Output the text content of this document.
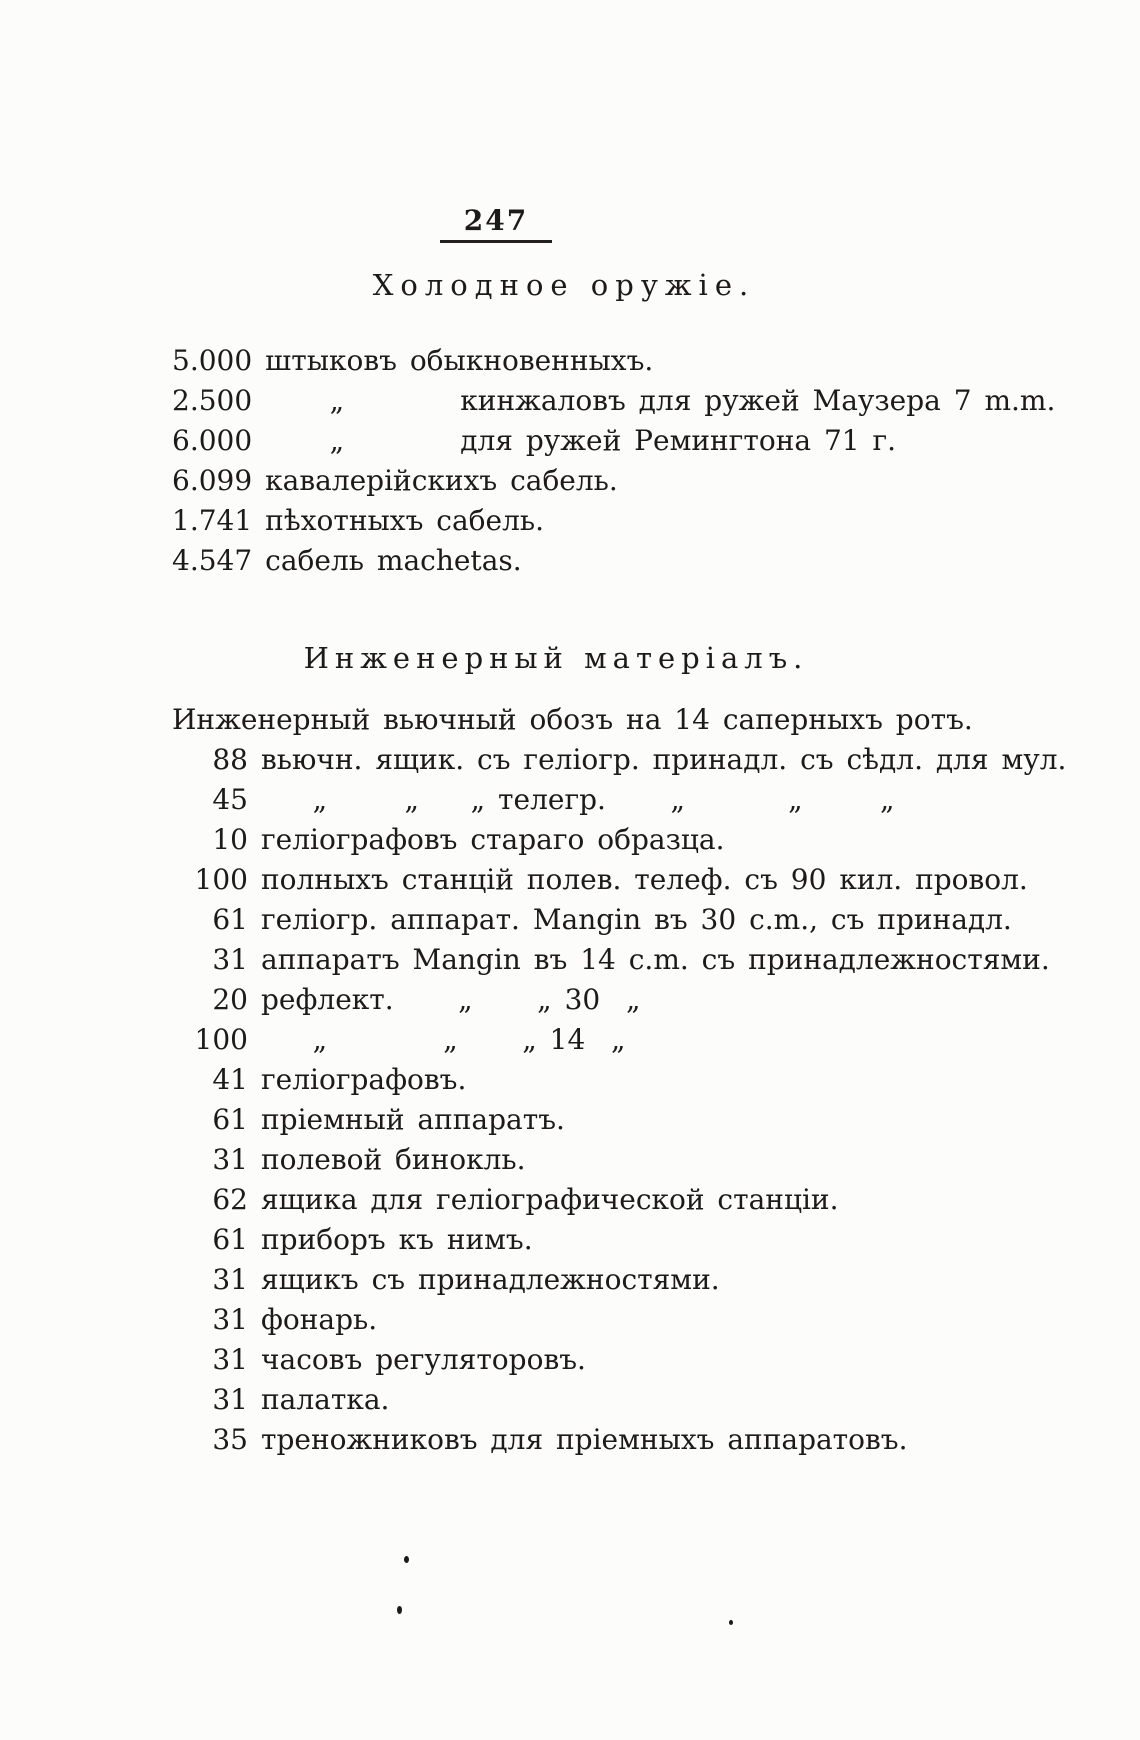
247
Холодное оружіе.
5.000 штыковъ обыкновенныхъ.
2.500 „         кинжаловъ для ружей Маузера 7 m.m.
6.000 „         для ружей Ремингтона 71 г.
6.099 кавалерійскихъ сабель.
1.741 пѣхотныхъ сабель.
4.547 сабель machetas.
Инженерный матеріалъ.
Инженерный вьючный обозъ на 14 саперныхъ ротъ.
88 вьючн. ящик. съ геліогр. принадл. съ сѣдл. для мул.
45 „      „    „ телегр.     „        „      „
10 геліографовъ стараго образца.
100 полныхъ станцій полев. телеф. съ 90 кил. провол.
61 геліогр. аппарат. Mangin въ 30 c.m., съ принадл.
31 аппаратъ Mangin въ 14 c.m. съ принадлежностями.
20 рефлект.     „     „ 30  „
100 „         „     „ 14  „
41 геліографовъ.
61 пріемный аппаратъ.
31 полевой бинокль.
62 ящика для геліографической станціи.
61 приборъ къ нимъ.
31 ящикъ съ принадлежностями.
31 фонарь.
31 часовъ регуляторовъ.
31 палатка.
35 треножниковъ для пріемныхъ аппаратовъ.
